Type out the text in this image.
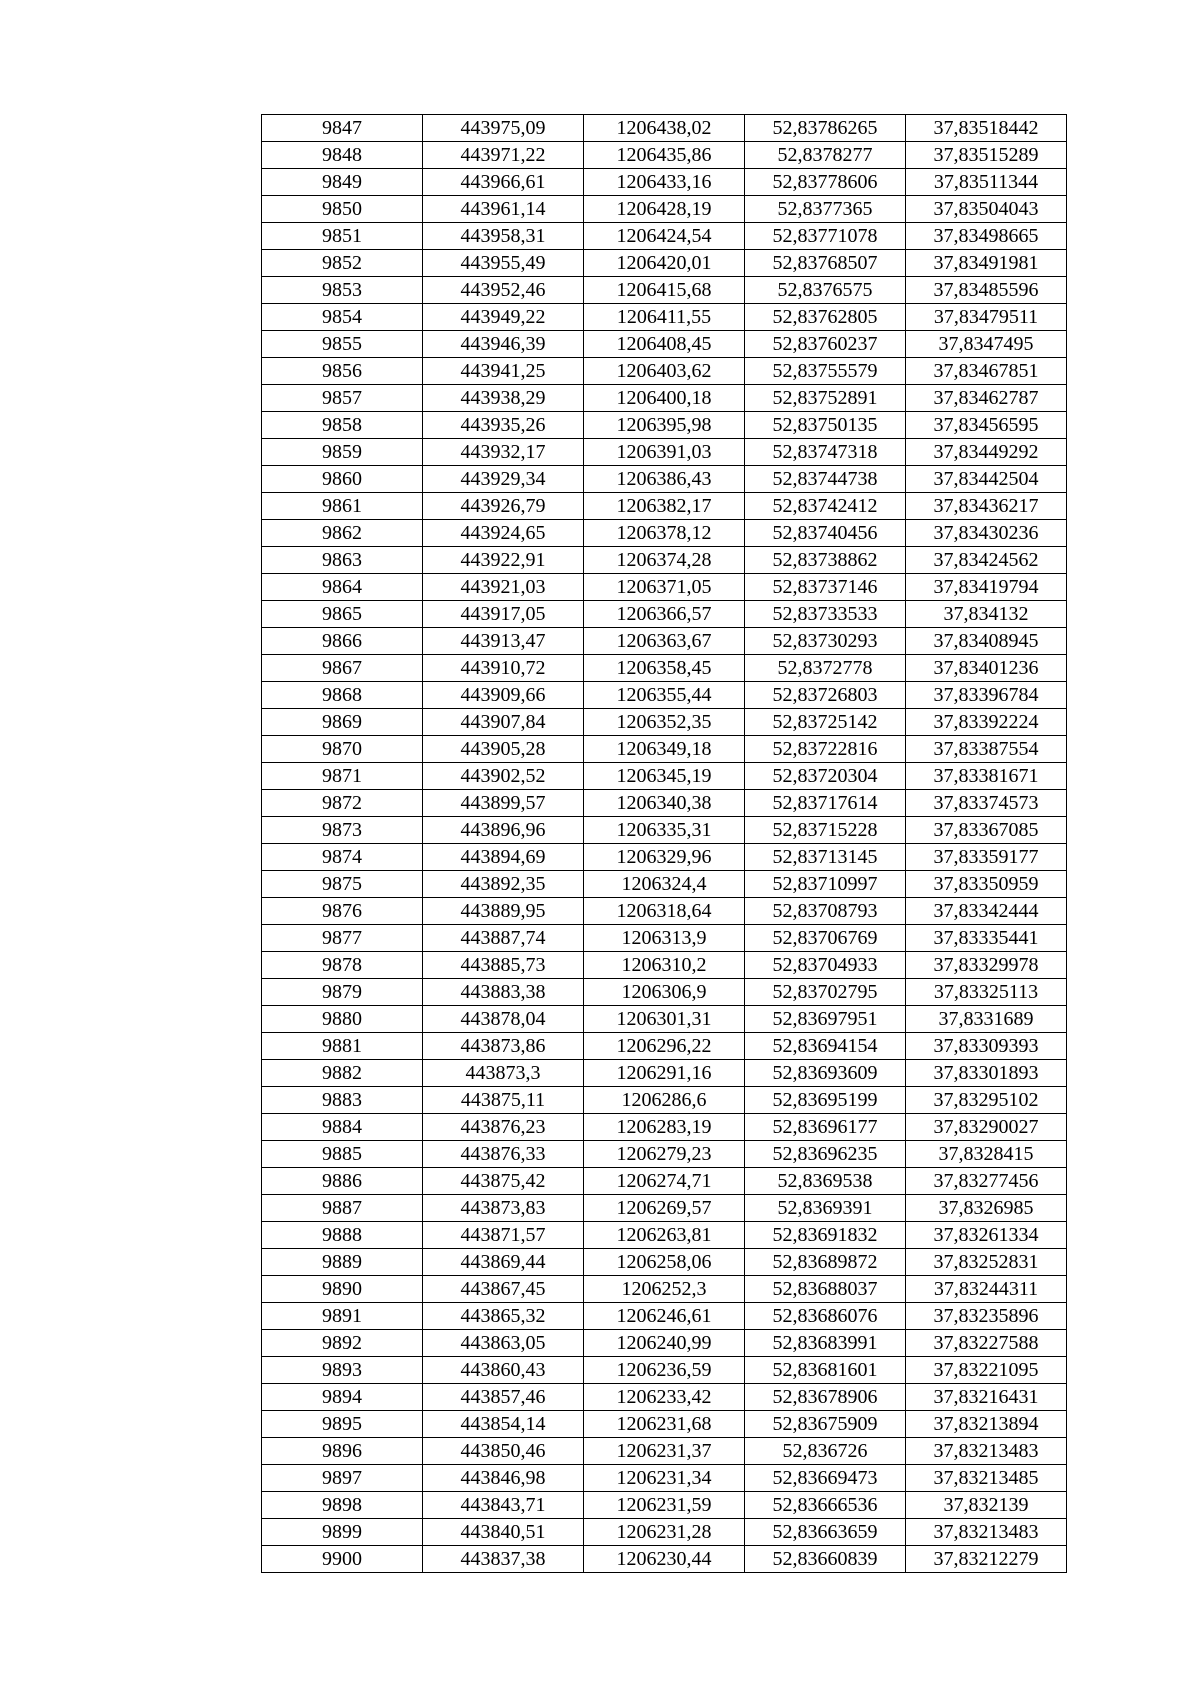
9847	443975,09	1206438,02	52,83786265	37,83518442
9848	443971,22	1206435,86	52,8378277	37,83515289
9849	443966,61	1206433,16	52,83778606	37,83511344
9850	443961,14	1206428,19	52,8377365	37,83504043
9851	443958,31	1206424,54	52,83771078	37,83498665
9852	443955,49	1206420,01	52,83768507	37,83491981
9853	443952,46	1206415,68	52,8376575	37,83485596
9854	443949,22	1206411,55	52,83762805	37,83479511
9855	443946,39	1206408,45	52,83760237	37,8347495
9856	443941,25	1206403,62	52,83755579	37,83467851
9857	443938,29	1206400,18	52,83752891	37,83462787
9858	443935,26	1206395,98	52,83750135	37,83456595
9859	443932,17	1206391,03	52,83747318	37,83449292
9860	443929,34	1206386,43	52,83744738	37,83442504
9861	443926,79	1206382,17	52,83742412	37,83436217
9862	443924,65	1206378,12	52,83740456	37,83430236
9863	443922,91	1206374,28	52,83738862	37,83424562
9864	443921,03	1206371,05	52,83737146	37,83419794
9865	443917,05	1206366,57	52,83733533	37,834132
9866	443913,47	1206363,67	52,83730293	37,83408945
9867	443910,72	1206358,45	52,8372778	37,83401236
9868	443909,66	1206355,44	52,83726803	37,83396784
9869	443907,84	1206352,35	52,83725142	37,83392224
9870	443905,28	1206349,18	52,83722816	37,83387554
9871	443902,52	1206345,19	52,83720304	37,83381671
9872	443899,57	1206340,38	52,83717614	37,83374573
9873	443896,96	1206335,31	52,83715228	37,83367085
9874	443894,69	1206329,96	52,83713145	37,83359177
9875	443892,35	1206324,4	52,83710997	37,83350959
9876	443889,95	1206318,64	52,83708793	37,83342444
9877	443887,74	1206313,9	52,83706769	37,83335441
9878	443885,73	1206310,2	52,83704933	37,83329978
9879	443883,38	1206306,9	52,83702795	37,83325113
9880	443878,04	1206301,31	52,83697951	37,8331689
9881	443873,86	1206296,22	52,83694154	37,83309393
9882	443873,3	1206291,16	52,83693609	37,83301893
9883	443875,11	1206286,6	52,83695199	37,83295102
9884	443876,23	1206283,19	52,83696177	37,83290027
9885	443876,33	1206279,23	52,83696235	37,8328415
9886	443875,42	1206274,71	52,8369538	37,83277456
9887	443873,83	1206269,57	52,8369391	37,8326985
9888	443871,57	1206263,81	52,83691832	37,83261334
9889	443869,44	1206258,06	52,83689872	37,83252831
9890	443867,45	1206252,3	52,83688037	37,83244311
9891	443865,32	1206246,61	52,83686076	37,83235896
9892	443863,05	1206240,99	52,83683991	37,83227588
9893	443860,43	1206236,59	52,83681601	37,83221095
9894	443857,46	1206233,42	52,83678906	37,83216431
9895	443854,14	1206231,68	52,83675909	37,83213894
9896	443850,46	1206231,37	52,836726	37,83213483
9897	443846,98	1206231,34	52,83669473	37,83213485
9898	443843,71	1206231,59	52,83666536	37,832139
9899	443840,51	1206231,28	52,83663659	37,83213483
9900	443837,38	1206230,44	52,83660839	37,83212279
